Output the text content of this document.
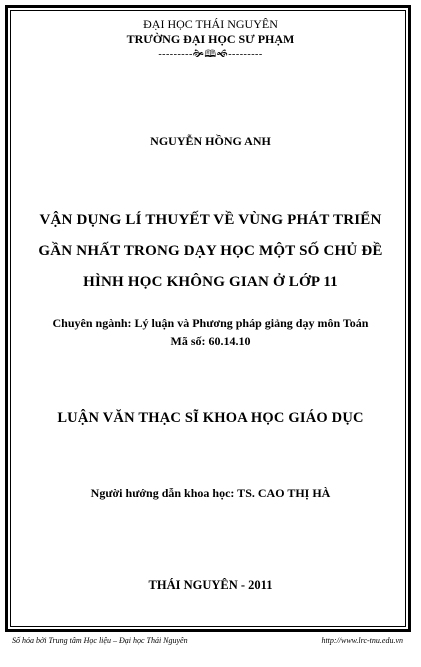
ĐẠI HỌC THÁI NGUYÊN
TRƯỜNG ĐẠI HỌC SƯ PHẠM
---------🙞🕮🙜---------
NGUYỄN HỒNG ANH
VẬN DỤNG LÍ THUYẾT VỀ VÙNG PHÁT TRIỂN
GẦN NHẤT TRONG DẠY HỌC MỘT SỐ CHỦ ĐỀ
HÌNH HỌC KHÔNG GIAN Ở LỚP 11
Chuyên ngành: Lý luận và Phương pháp giảng dạy môn Toán
Mã số: 60.14.10
LUẬN VĂN THẠC SĨ KHOA HỌC GIÁO DỤC
Người hướng dẫn khoa học: TS. CAO THỊ HÀ
THÁI NGUYÊN - 2011
Số hóa bởi Trung tâm Học liệu – Đại học Thái Nguyên	http://www.lrc-tnu.edu.vn
